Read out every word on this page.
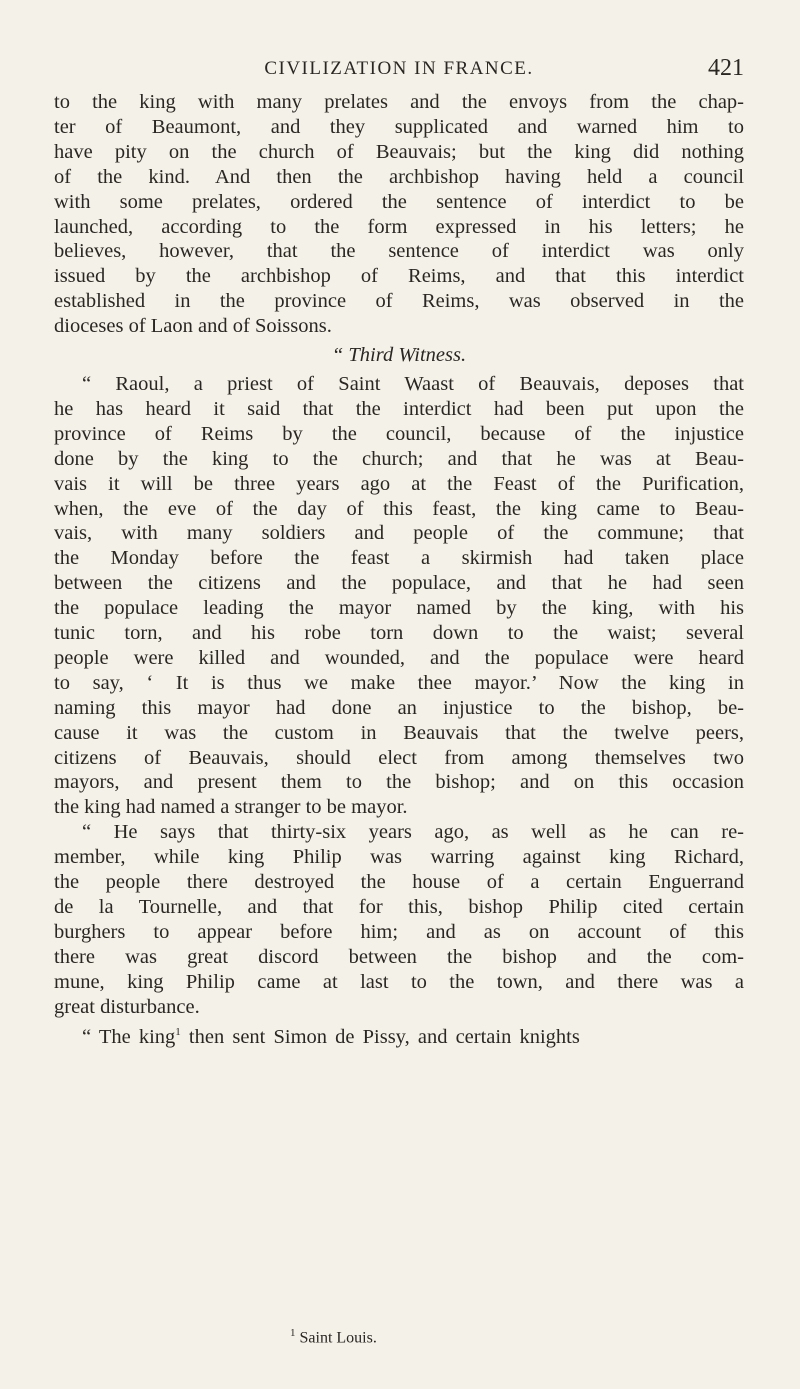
CIVILIZATION IN FRANCE.	421
to the king with many prelates and the envoys from the chap-
ter of Beaumont, and they supplicated and warned him to
have pity on the church of Beauvais; but the king did nothing
of the kind. And then the archbishop having held a council
with some prelates, ordered the sentence of interdict to be
launched, according to the form expressed in his letters; he
believes, however, that the sentence of interdict was only
issued by the archbishop of Reims, and that this interdict
established in the province of Reims, was observed in the
dioceses of Laon and of Soissons.
“ Third Witness.
“ Raoul, a priest of Saint Waast of Beauvais, deposes that
he has heard it said that the interdict had been put upon the
province of Reims by the council, because of the injustice
done by the king to the church; and that he was at Beau-
vais it will be three years ago at the Feast of the Purification,
when, the eve of the day of this feast, the king came to Beau-
vais, with many soldiers and people of the commune; that
the Monday before the feast a skirmish had taken place
between the citizens and the populace, and that he had seen
the populace leading the mayor named by the king, with his
tunic torn, and his robe torn down to the waist; several
people were killed and wounded, and the populace were heard
to say, ‘ It is thus we make thee mayor.’ Now the king in
naming this mayor had done an injustice to the bishop, be-
cause it was the custom in Beauvais that the twelve peers,
citizens of Beauvais, should elect from among themselves two
mayors, and present them to the bishop; and on this occasion
the king had named a stranger to be mayor.
“ He says that thirty-six years ago, as well as he can re-
member, while king Philip was warring against king Richard,
the people there destroyed the house of a certain Enguerrand
de la Tournelle, and that for this, bishop Philip cited certain
burghers to appear before him; and as on account of this
there was great discord between the bishop and the com-
mune, king Philip came at last to the town, and there was a
great disturbance.
“ The king$^1$ then sent Simon de Pissy, and certain knights
$^1$ Saint Louis.
